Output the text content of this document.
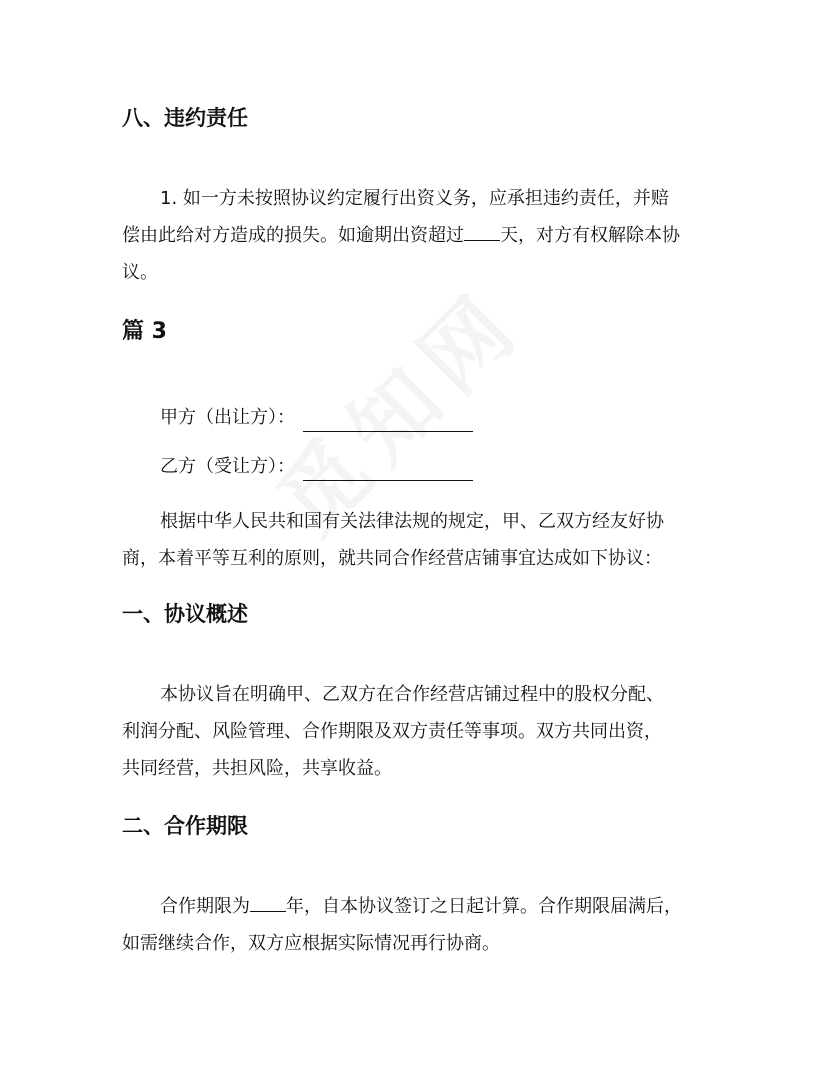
八、违约责任
1. 如一方未按照协议约定履行出资义务，应承担违约责任，并赔
偿由此给对方造成的损失。如逾期出资超过 天，对方有权解除本协
议。
篇 3
甲方（出让方）：
乙方（受让方）：
根据中华人民共和国有关法律法规的规定，甲、乙双方经友好协
商，本着平等互利的原则，就共同合作经营店铺事宜达成如下协议：
一、协议概述
本协议旨在明确甲、乙双方在合作经营店铺过程中的股权分配、
利润分配、风险管理、合作期限及双方责任等事项。双方共同出资，
共同经营，共担风险，共享收益。
二、合作期限
合作期限为 年，自本协议签订之日起计算。合作期限届满后，
如需继续合作，双方应根据实际情况再行协商。
